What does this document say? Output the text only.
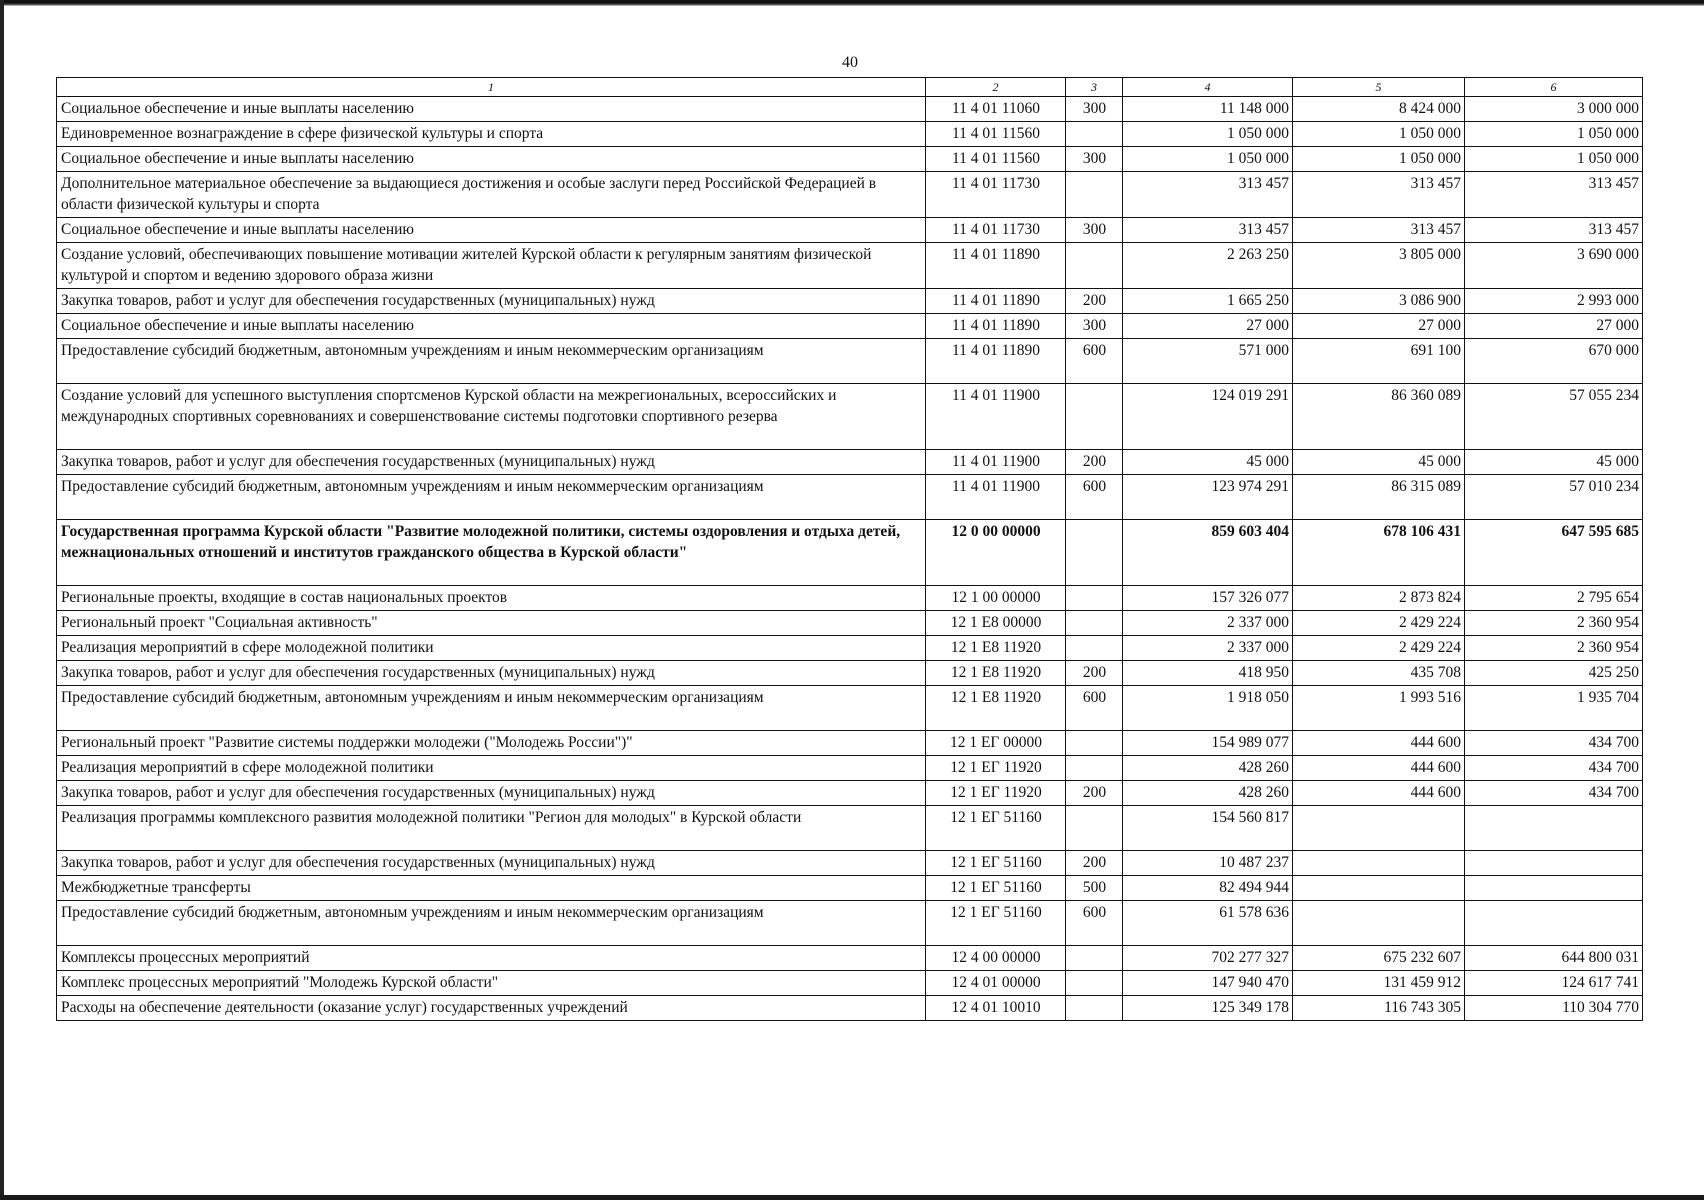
40
1	2	3	4	5	6
Социальное обеспечение и иные выплаты населению	11 4 01 11060	300	11 148 000	8 424 000	3 000 000
Единовременное вознаграждение в сфере физической культуры и спорта	11 4 01 11560		1 050 000	1 050 000	1 050 000
Социальное обеспечение и иные выплаты населению	11 4 01 11560	300	1 050 000	1 050 000	1 050 000
Дополнительное материальное обеспечение за выдающиеся достижения и особые заслуги перед Российской Федерацией в области физической культуры и спорта	11 4 01 11730		313 457	313 457	313 457
Социальное обеспечение и иные выплаты населению	11 4 01 11730	300	313 457	313 457	313 457
Создание условий, обеспечивающих повышение мотивации жителей Курской области к регулярным занятиям физической культурой и спортом и ведению здорового образа жизни	11 4 01 11890		2 263 250	3 805 000	3 690 000
Закупка товаров, работ и услуг для обеспечения государственных (муниципальных) нужд	11 4 01 11890	200	1 665 250	3 086 900	2 993 000
Социальное обеспечение и иные выплаты населению	11 4 01 11890	300	27 000	27 000	27 000
Предоставление субсидий бюджетным, автономным учреждениям и иным некоммерческим организациям	11 4 01 11890	600	571 000	691 100	670 000
Создание условий для успешного выступления спортсменов Курской области на межрегиональных, всероссийских и международных спортивных соревнованиях и совершенствование системы подготовки спортивного резерва	11 4 01 11900		124 019 291	86 360 089	57 055 234
Закупка товаров, работ и услуг для обеспечения государственных (муниципальных) нужд	11 4 01 11900	200	45 000	45 000	45 000
Предоставление субсидий бюджетным, автономным учреждениям и иным некоммерческим организациям	11 4 01 11900	600	123 974 291	86 315 089	57 010 234
Государственная программа Курской области "Развитие молодежной политики, системы оздоровления и отдыха детей, межнациональных отношений и институтов гражданского общества в Курской области"	12 0 00 00000		859 603 404	678 106 431	647 595 685
Региональные проекты, входящие в состав национальных проектов	12 1 00 00000		157 326 077	2 873 824	2 795 654
Региональный проект "Социальная активность"	12 1 E8 00000		2 337 000	2 429 224	2 360 954
Реализация мероприятий в сфере молодежной политики	12 1 E8 11920		2 337 000	2 429 224	2 360 954
Закупка товаров, работ и услуг для обеспечения государственных (муниципальных) нужд	12 1 E8 11920	200	418 950	435 708	425 250
Предоставление субсидий бюджетным, автономным учреждениям и иным некоммерческим организациям	12 1 E8 11920	600	1 918 050	1 993 516	1 935 704
Региональный проект "Развитие системы поддержки молодежи ("Молодежь России")"	12 1 EГ 00000		154 989 077	444 600	434 700
Реализация мероприятий в сфере молодежной политики	12 1 EГ 11920		428 260	444 600	434 700
Закупка товаров, работ и услуг для обеспечения государственных (муниципальных) нужд	12 1 EГ 11920	200	428 260	444 600	434 700
Реализация программы комплексного развития молодежной политики "Регион для молодых" в Курской области	12 1 EГ 51160		154 560 817		
Закупка товаров, работ и услуг для обеспечения государственных (муниципальных) нужд	12 1 EГ 51160	200	10 487 237		
Межбюджетные трансферты	12 1 EГ 51160	500	82 494 944		
Предоставление субсидий бюджетным, автономным учреждениям и иным некоммерческим организациям	12 1 EГ 51160	600	61 578 636		
Комплексы процессных мероприятий	12 4 00 00000		702 277 327	675 232 607	644 800 031
Комплекс процессных мероприятий "Молодежь Курской области"	12 4 01 00000		147 940 470	131 459 912	124 617 741
Расходы на обеспечение деятельности (оказание услуг) государственных учреждений	12 4 01 10010		125 349 178	116 743 305	110 304 770
